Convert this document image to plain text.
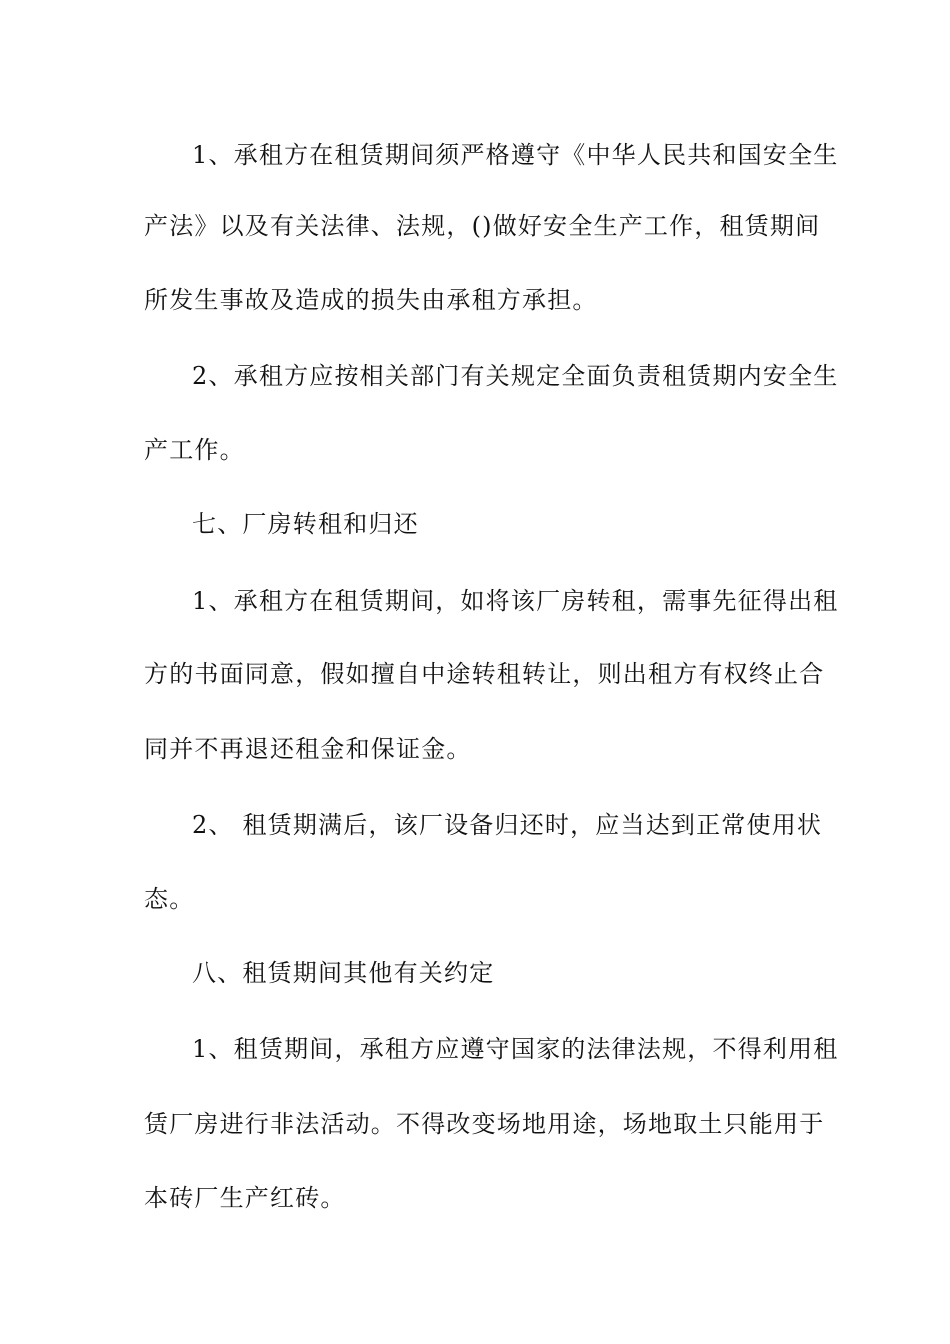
1、承租方在租赁期间须严格遵守《中华人民共和国安全生
产法》以及有关法律、法规，()做好安全生产工作，租赁期间
所发生事故及造成的损失由承租方承担。
2、承租方应按相关部门有关规定全面负责租赁期内安全生
产工作。
七、厂房转租和归还
1、承租方在租赁期间，如将该厂房转租，需事先征得出租
方的书面同意，假如擅自中途转租转让，则出租方有权终止合
同并不再退还租金和保证金。
2、 租赁期满后，该厂设备归还时，应当达到正常使用状
态。
八、租赁期间其他有关约定
1、租赁期间，承租方应遵守国家的法律法规，不得利用租
赁厂房进行非法活动。不得改变场地用途，场地取土只能用于
本砖厂生产红砖。
